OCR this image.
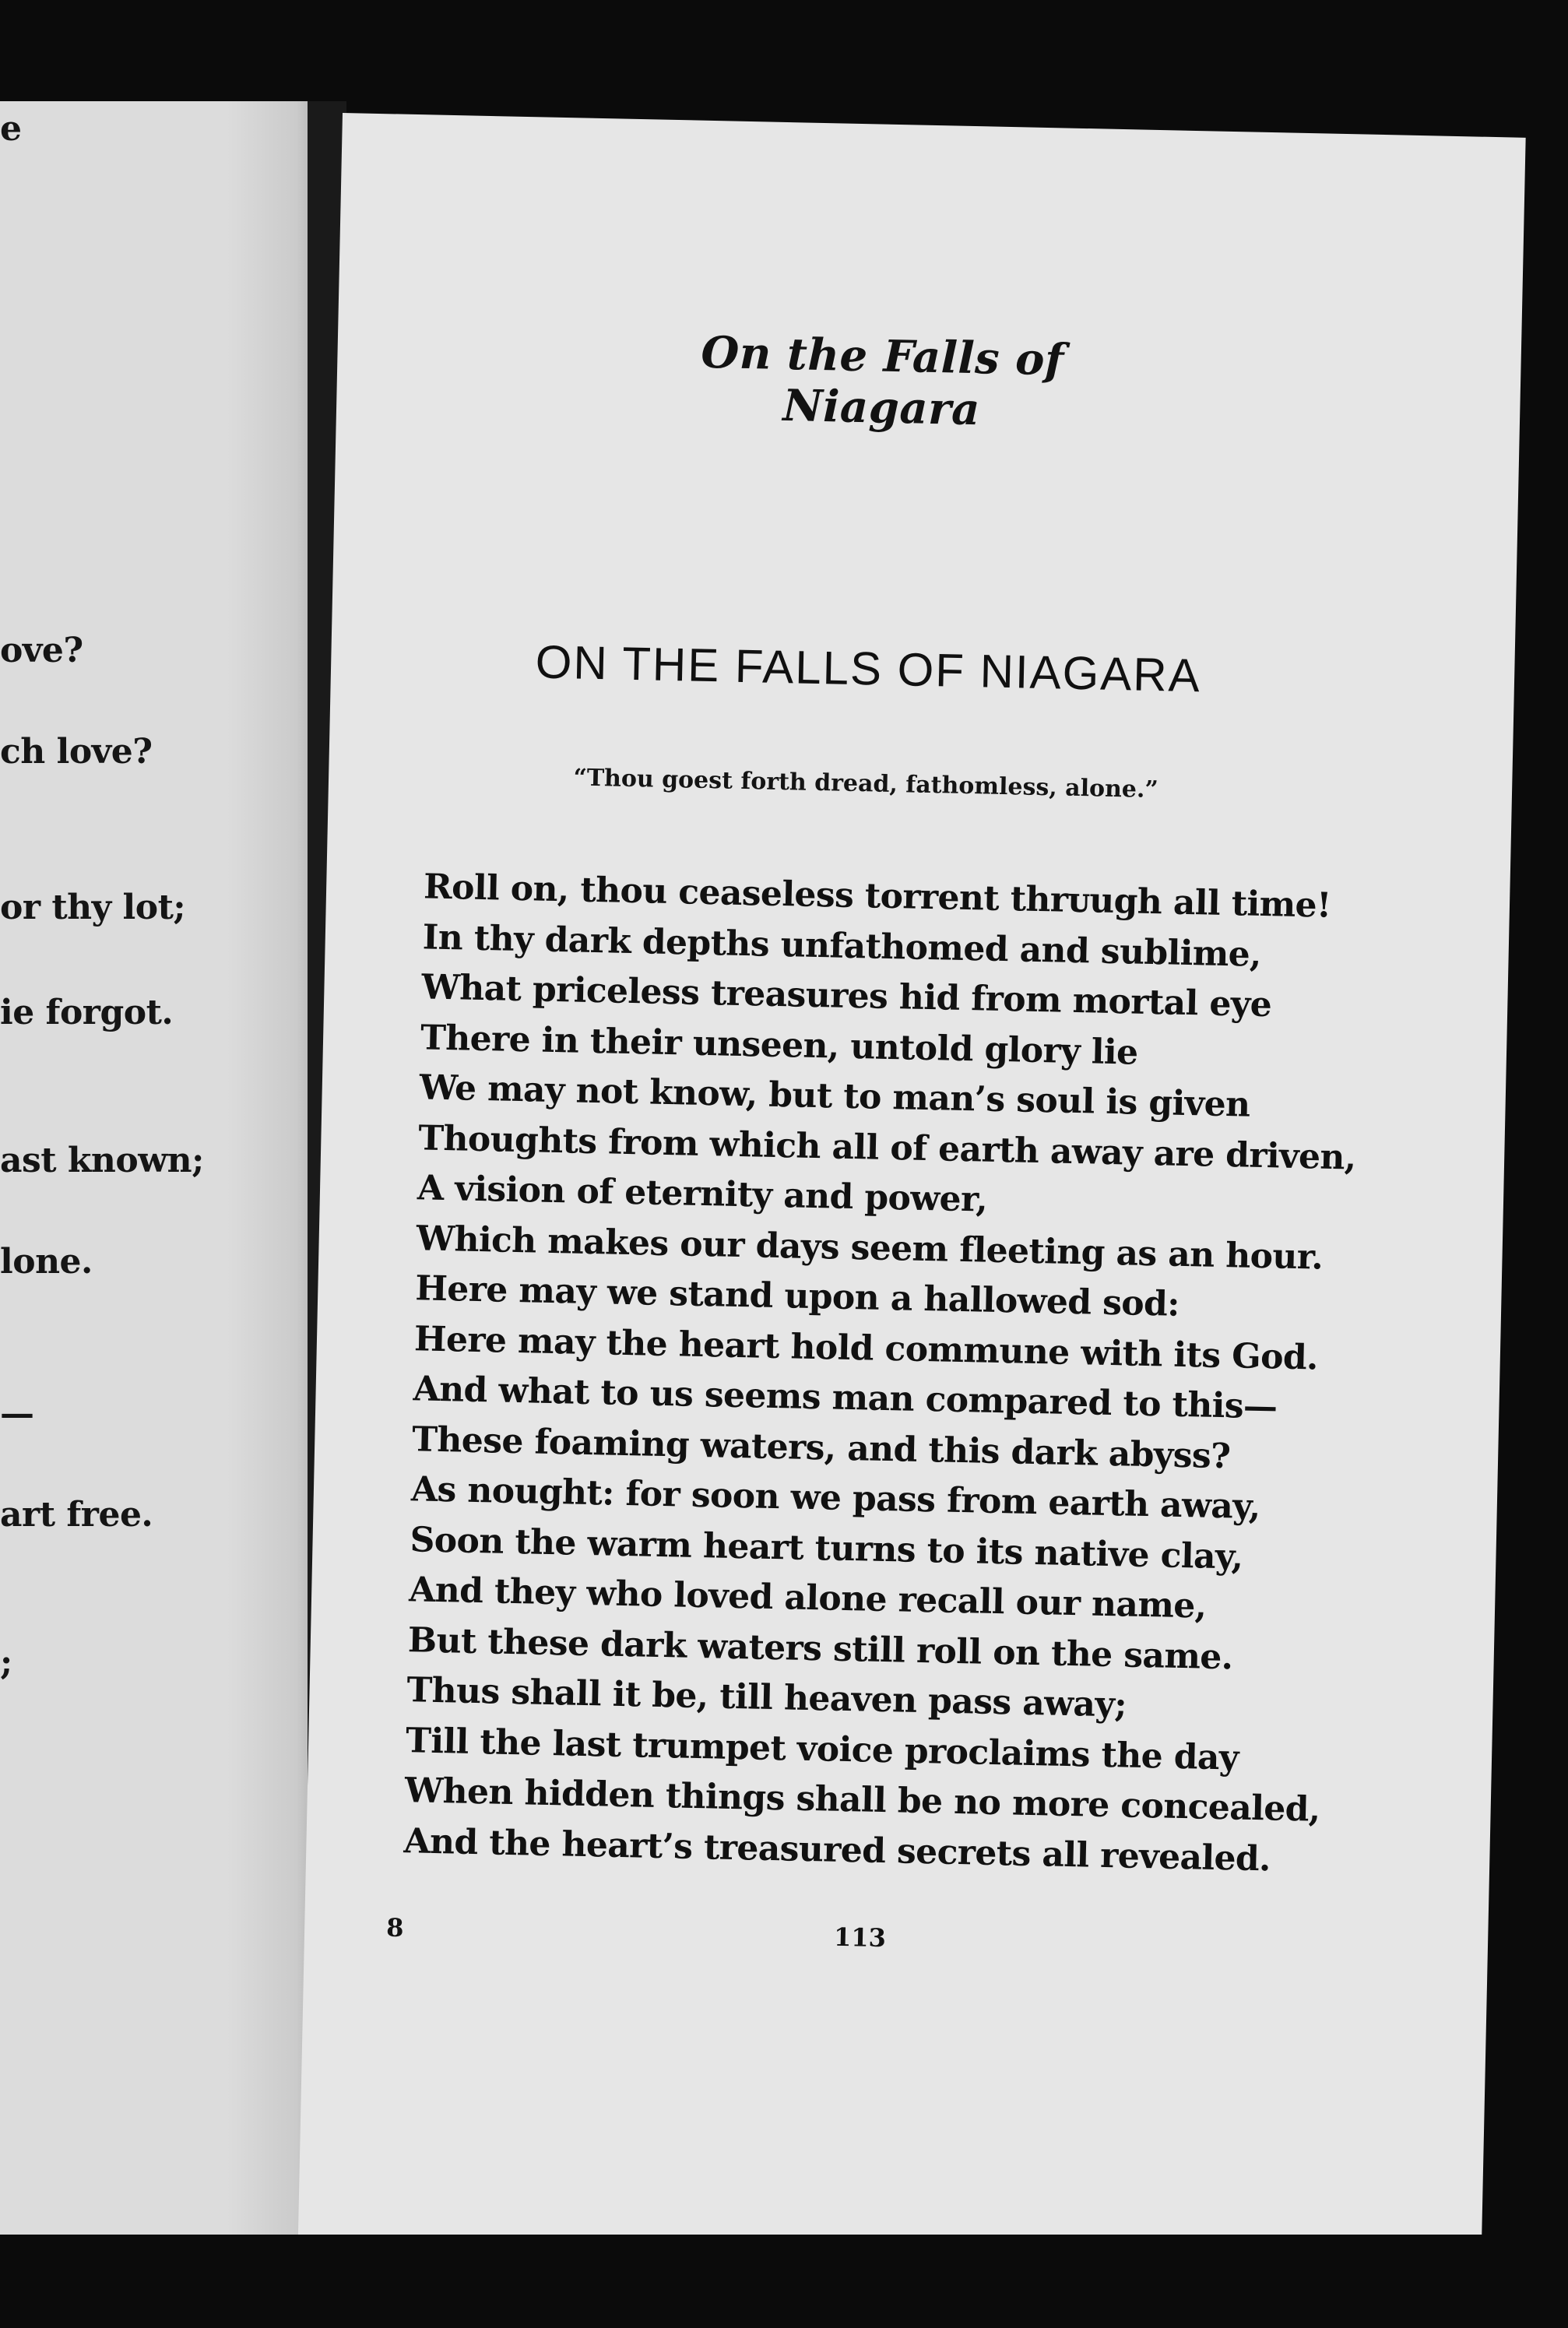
e
ove?
ch love?
or thy lot;
ie forgot.
ast known;
lone.
—
art free.
;
On the Falls of Niagara
ON THE FALLS OF NIAGARA
“Thou goest forth dread, fathomless, alone.”
Roll on, thou ceaseless torrent thrᴜugh all time!
In thy dark depths unfathomed and sublime,
What priceless treasures hid from mortal eye
There in their unseen, untold glory lie
We may not know, but to man’s soul is given
Thoughts from which all of earth away are driven,
A vision of eternity and power,
Which makes our days seem fleeting as an hour.
Here may we stand upon a hallowed sod:
Here may the heart hold commune with its God.
And what to us seems man compared to this—
These foaming waters, and this dark abyss?
As nought: for soon we pass from earth away,
Soon the warm heart turns to its native clay,
And they who loved alone recall our name,
But these dark waters still roll on the same.
Thus shall it be, till heaven pass away;
Till the last trumpet voice proclaims the day
When hidden things shall be no more concealed,
And the heart’s treasured secrets all revealed.
8	113
